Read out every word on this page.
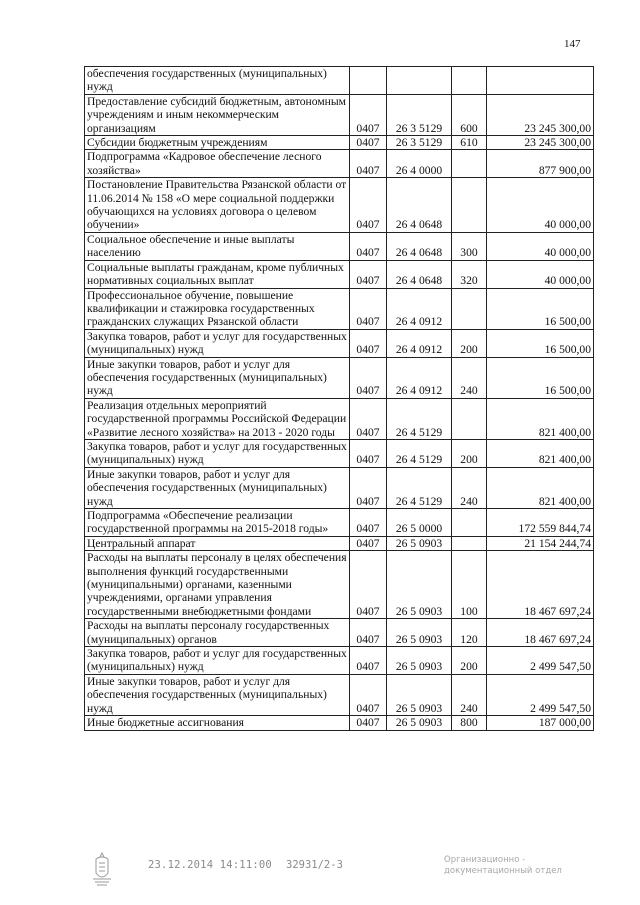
147
обеспечения государственных (муниципальных) нужд				
Предоставление субсидий бюджетным, автономным учреждениям и иным некоммерческим организациям	0407	26 3 5129	600	23 245 300,00
Субсидии бюджетным учреждениям	0407	26 3 5129	610	23 245 300,00
Подпрограмма «Кадровое обеспечение лесного хозяйства»	0407	26 4 0000		877 900,00
Постановление Правительства Рязанской области от 11.06.2014 № 158 «О мере социальной поддержки обучающихся на условиях договора о целевом обучении»	0407	26 4 0648		40 000,00
Социальное обеспечение и иные выплаты населению	0407	26 4 0648	300	40 000,00
Социальные выплаты гражданам, кроме публичных нормативных социальных выплат	0407	26 4 0648	320	40 000,00
Профессиональное обучение, повышение квалификации и стажировка государственных гражданских служащих Рязанской области	0407	26 4 0912		16 500,00
Закупка товаров, работ и услуг для государственных (муниципальных) нужд	0407	26 4 0912	200	16 500,00
Иные закупки товаров, работ и услуг для обеспечения государственных (муниципальных) нужд	0407	26 4 0912	240	16 500,00
Реализация отдельных мероприятий государственной программы Российской Федерации «Развитие лесного хозяйства» на 2013 - 2020 годы	0407	26 4 5129		821 400,00
Закупка товаров, работ и услуг для государственных (муниципальных) нужд	0407	26 4 5129	200	821 400,00
Иные закупки товаров, работ и услуг для обеспечения государственных (муниципальных) нужд	0407	26 4 5129	240	821 400,00
Подпрограмма «Обеспечение реализации государственной программы на 2015-2018 годы»	0407	26 5 0000		172 559 844,74
Центральный аппарат	0407	26 5 0903		21 154 244,74
Расходы на выплаты персоналу в целях обеспечения выполнения функций государственными (муниципальными) органами, казенными учреждениями, органами управления государственными внебюджетными фондами	0407	26 5 0903	100	18 467 697,24
Расходы на выплаты персоналу государственных (муниципальных) органов	0407	26 5 0903	120	18 467 697,24
Закупка товаров, работ и услуг для государственных (муниципальных) нужд	0407	26 5 0903	200	2 499 547,50
Иные закупки товаров, работ и услуг для обеспечения государственных (муниципальных) нужд	0407	26 5 0903	240	2 499 547,50
Иные бюджетные ассигнования	0407	26 5 0903	800	187 000,00
23.12.2014 14:11:00 32931/2-3	Организационно -
документационный отдел
